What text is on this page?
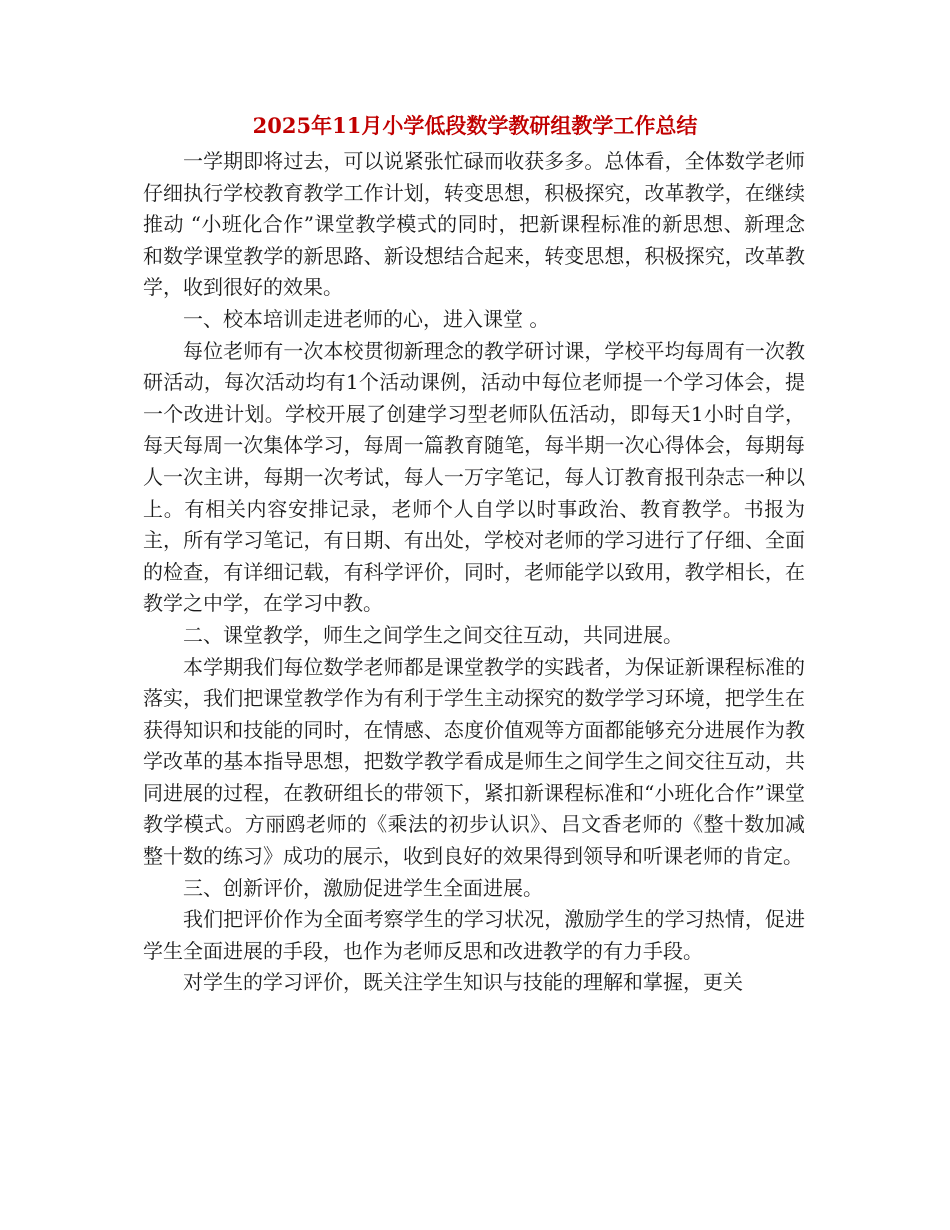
2025年11月小学低段数学教研组教学工作总结

一学期即将过去，可以说紧张忙碌而收获多多。总体看，全体数学老师仔细执行学校教育教学工作计划，转变思想，积极探究，改革教学，在继续推动 “小班化合作”课堂教学模式的同时，把新课程标准的新思想、新理念和数学课堂教学的新思路、新设想结合起来，转变思想，积极探究，改革教学，收到很好的效果。

一、校本培训走进老师的心，进入课堂 。

每位老师有一次本校贯彻新理念的教学研讨课，学校平均每周有一次教研活动，每次活动均有1个活动课例，活动中每位老师提一个学习体会，提一个改进计划。学校开展了创建学习型老师队伍活动，即每天1小时自学，每天每周一次集体学习，每周一篇教育随笔，每半期一次心得体会，每期每人一次主讲，每期一次考试，每人一万字笔记，每人订教育报刊杂志一种以上。有相关内容安排记录，老师个人自学以时事政治、教育教学。书报为主，所有学习笔记，有日期、有出处，学校对老师的学习进行了仔细、全面的检查，有详细记载，有科学评价，同时，老师能学以致用，教学相长，在教学之中学，在学习中教。

二、课堂教学，师生之间学生之间交往互动，共同进展。

本学期我们每位数学老师都是课堂教学的实践者，为保证新课程标准的落实，我们把课堂教学作为有利于学生主动探究的数学学习环境，把学生在获得知识和技能的同时，在情感、态度价值观等方面都能够充分进展作为教学改革的基本指导思想，把数学教学看成是师生之间学生之间交往互动，共同进展的过程，在教研组长的带领下，紧扣新课程标准和“小班化合作”课堂教学模式。方丽鸥老师的《乘法的初步认识》、吕文香老师的《整十数加减整十数的练习》成功的展示，收到良好的效果得到领导和听课老师的肯定。

三、创新评价，激励促进学生全面进展。

我们把评价作为全面考察学生的学习状况，激励学生的学习热情，促进学生全面进展的手段，也作为老师反思和改进教学的有力手段。

对学生的学习评价，既关注学生知识与技能的理解和掌握，更关
